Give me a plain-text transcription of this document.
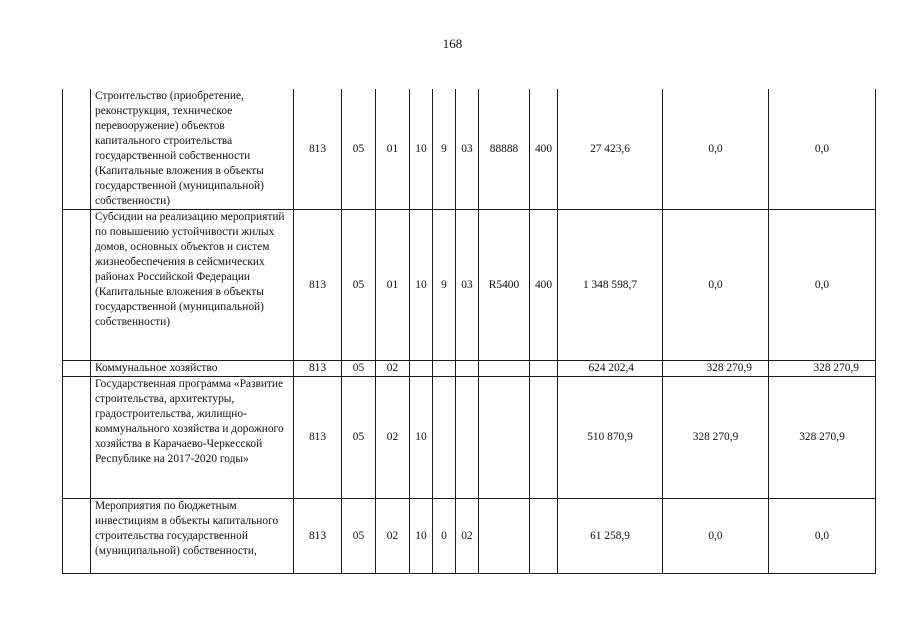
168
	Строительство (приобретение, реконструкция, техническое перевооружение) объектов капитального строительства государственной собственности (Капитальные вложения в объекты государственной (муниципальной) собственности)	813	05	01	10	9	03	88888	400	27 423,6	0,0	0,0
	Субсидии на реализацию мероприятий по повышению устойчивости жилых домов, основных объектов и систем жизнеобеспечения в сейсмических районах Российской Федерации (Капитальные вложения в объекты государственной (муниципальной) собственности)	813	05	01	10	9	03	R5400	400	1 348 598,7	0,0	0,0
	Коммунальное хозяйство	813	05	02						624 202,4	328 270,9	328 270,9
	Государственная программа «Развитие строительства, архитектуры, градостроительства, жилищно-коммунального хозяйства и дорожного хозяйства в Карачаево-Черкесской Республике на 2017-2020 годы»	813	05	02	10					510 870,9	328 270,9	328 270,9
	Мероприятия по бюджетным инвестициям в объекты капитального строительства государственной (муниципальной) собственности,	813	05	02	10	0	02			61 258,9	0,0	0,0
